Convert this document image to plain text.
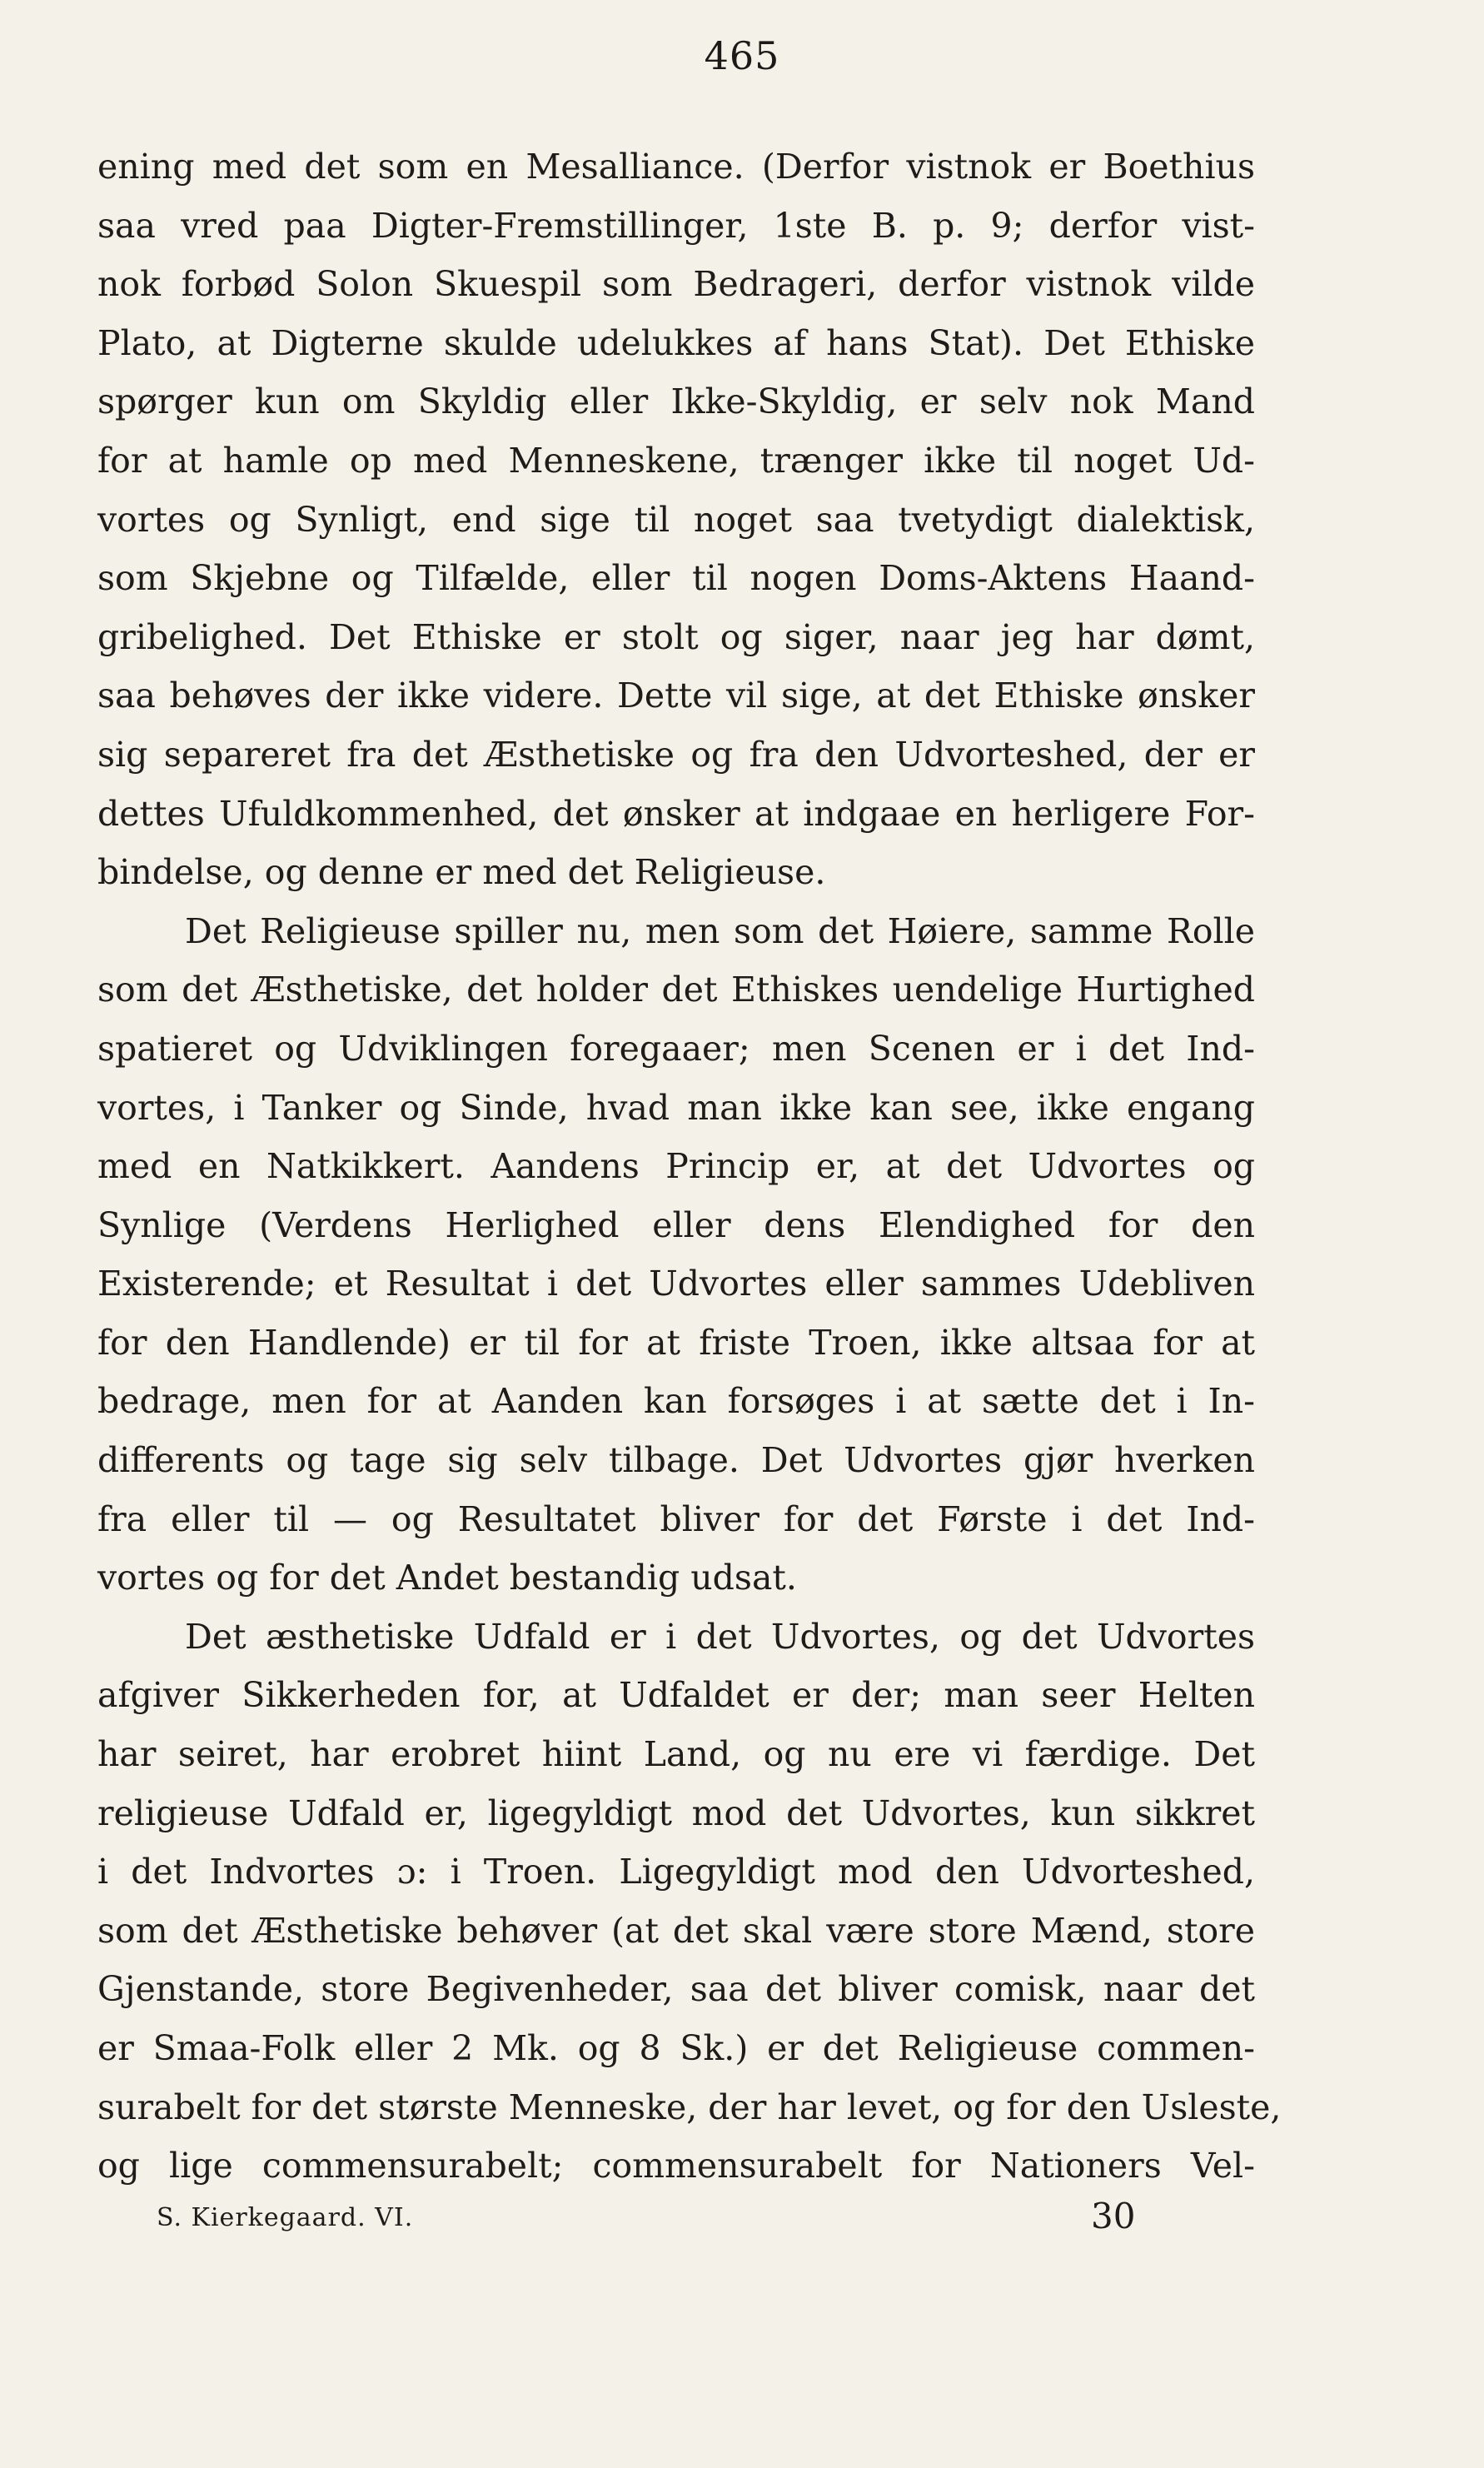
465
ening med det som en Mesalliance. (Derfor vistnok er Boethius
saa vred paa Digter-Fremstillinger, 1ste B. p. 9; derfor vist-
nok forbød Solon Skuespil som Bedrageri, derfor vistnok vilde
Plato, at Digterne skulde udelukkes af hans Stat). Det Ethiske
spørger kun om Skyldig eller Ikke-Skyldig, er selv nok Mand
for at hamle op med Menneskene, trænger ikke til noget Ud-
vortes og Synligt, end sige til noget saa tvetydigt dialektisk,
som Skjebne og Tilfælde, eller til nogen Doms-Aktens Haand-
gribelighed. Det Ethiske er stolt og siger, naar jeg har dømt,
saa behøves der ikke videre. Dette vil sige, at det Ethiske ønsker
sig separeret fra det Æsthetiske og fra den Udvorteshed, der er
dettes Ufuldkommenhed, det ønsker at indgaae en herligere For-
bindelse, og denne er med det Religieuse.
Det Religieuse spiller nu, men som det Høiere, samme Rolle
som det Æsthetiske, det holder det Ethiskes uendelige Hurtighed
spatieret og Udviklingen foregaaer; men Scenen er i det Ind-
vortes, i Tanker og Sinde, hvad man ikke kan see, ikke engang
med en Natkikkert. Aandens Princip er, at det Udvortes og
Synlige (Verdens Herlighed eller dens Elendighed for den
Existerende; et Resultat i det Udvortes eller sammes Udebliven
for den Handlende) er til for at friste Troen, ikke altsaa for at
bedrage, men for at Aanden kan forsøges i at sætte det i In-
differents og tage sig selv tilbage. Det Udvortes gjør hverken
fra eller til — og Resultatet bliver for det Første i det Ind-
vortes og for det Andet bestandig udsat.
Det æsthetiske Udfald er i det Udvortes, og det Udvortes
afgiver Sikkerheden for, at Udfaldet er der; man seer Helten
har seiret, har erobret hiint Land, og nu ere vi færdige. Det
religieuse Udfald er, ligegyldigt mod det Udvortes, kun sikkret
i det Indvortes ɔ: i Troen. Ligegyldigt mod den Udvorteshed,
som det Æsthetiske behøver (at det skal være store Mænd, store
Gjenstande, store Begivenheder, saa det bliver comisk, naar det
er Smaa-Folk eller 2 Mk. og 8 Sk.) er det Religieuse commen-
surabelt for det største Menneske, der har levet, og for den Usleste,
og lige commensurabelt; commensurabelt for Nationers Vel-
S. Kierkegaard. VI.	30
